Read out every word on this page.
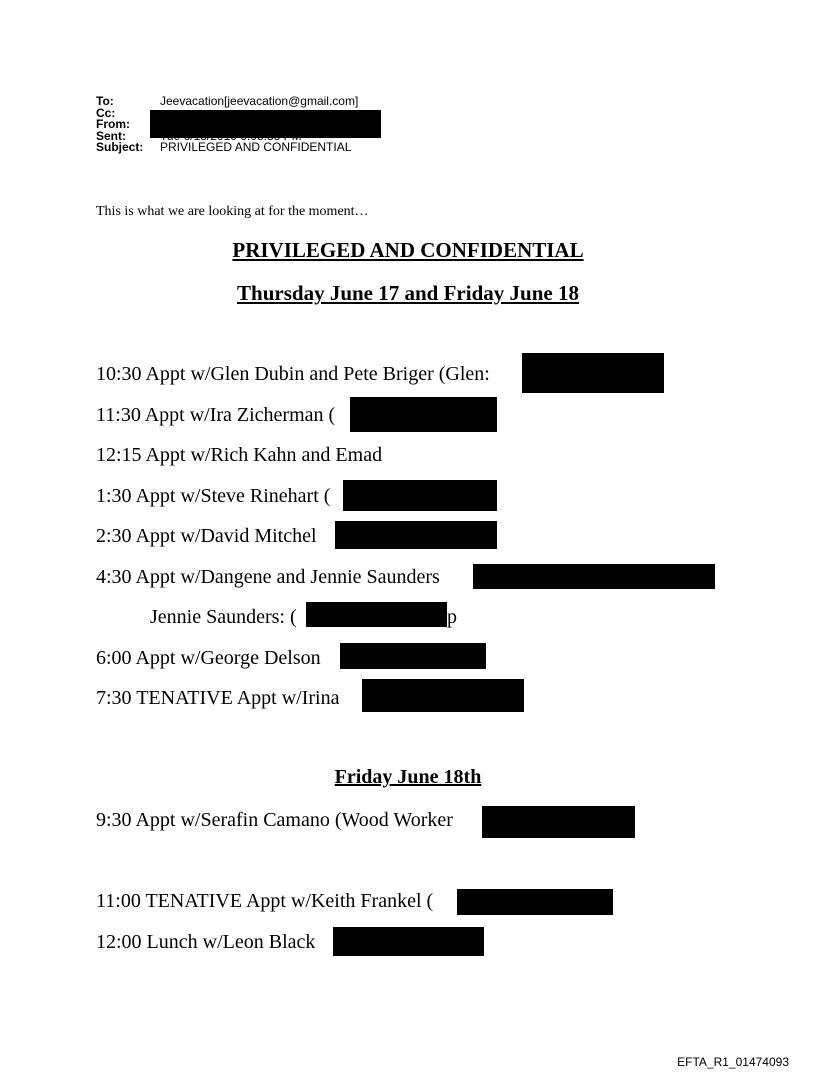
To:	Jeevacation[jeevacation@gmail.com]
Cc:
From:
Sent:
Subject:	PRIVILEGED AND CONFIDENTIAL
This is what we are looking at for the moment…
PRIVILEGED AND CONFIDENTIAL
Thursday June 17 and Friday June 18
10:30 Appt w/Glen Dubin and Pete Briger (Glen:
11:30 Appt w/Ira Zicherman (
12:15 Appt w/Rich Kahn and Emad
1:30 Appt w/Steve Rinehart (
2:30 Appt w/David Mitchel
4:30 Appt w/Dangene and Jennie Saunders
Jennie Saunders: (	p
6:00 Appt w/George Delson
7:30 TENATIVE Appt w/Irina
Friday June 18th
9:30 Appt w/Serafin Camano (Wood Worker
11:00 TENATIVE Appt w/Keith Frankel (
12:00 Lunch w/Leon Black
EFTA_R1_01474093
